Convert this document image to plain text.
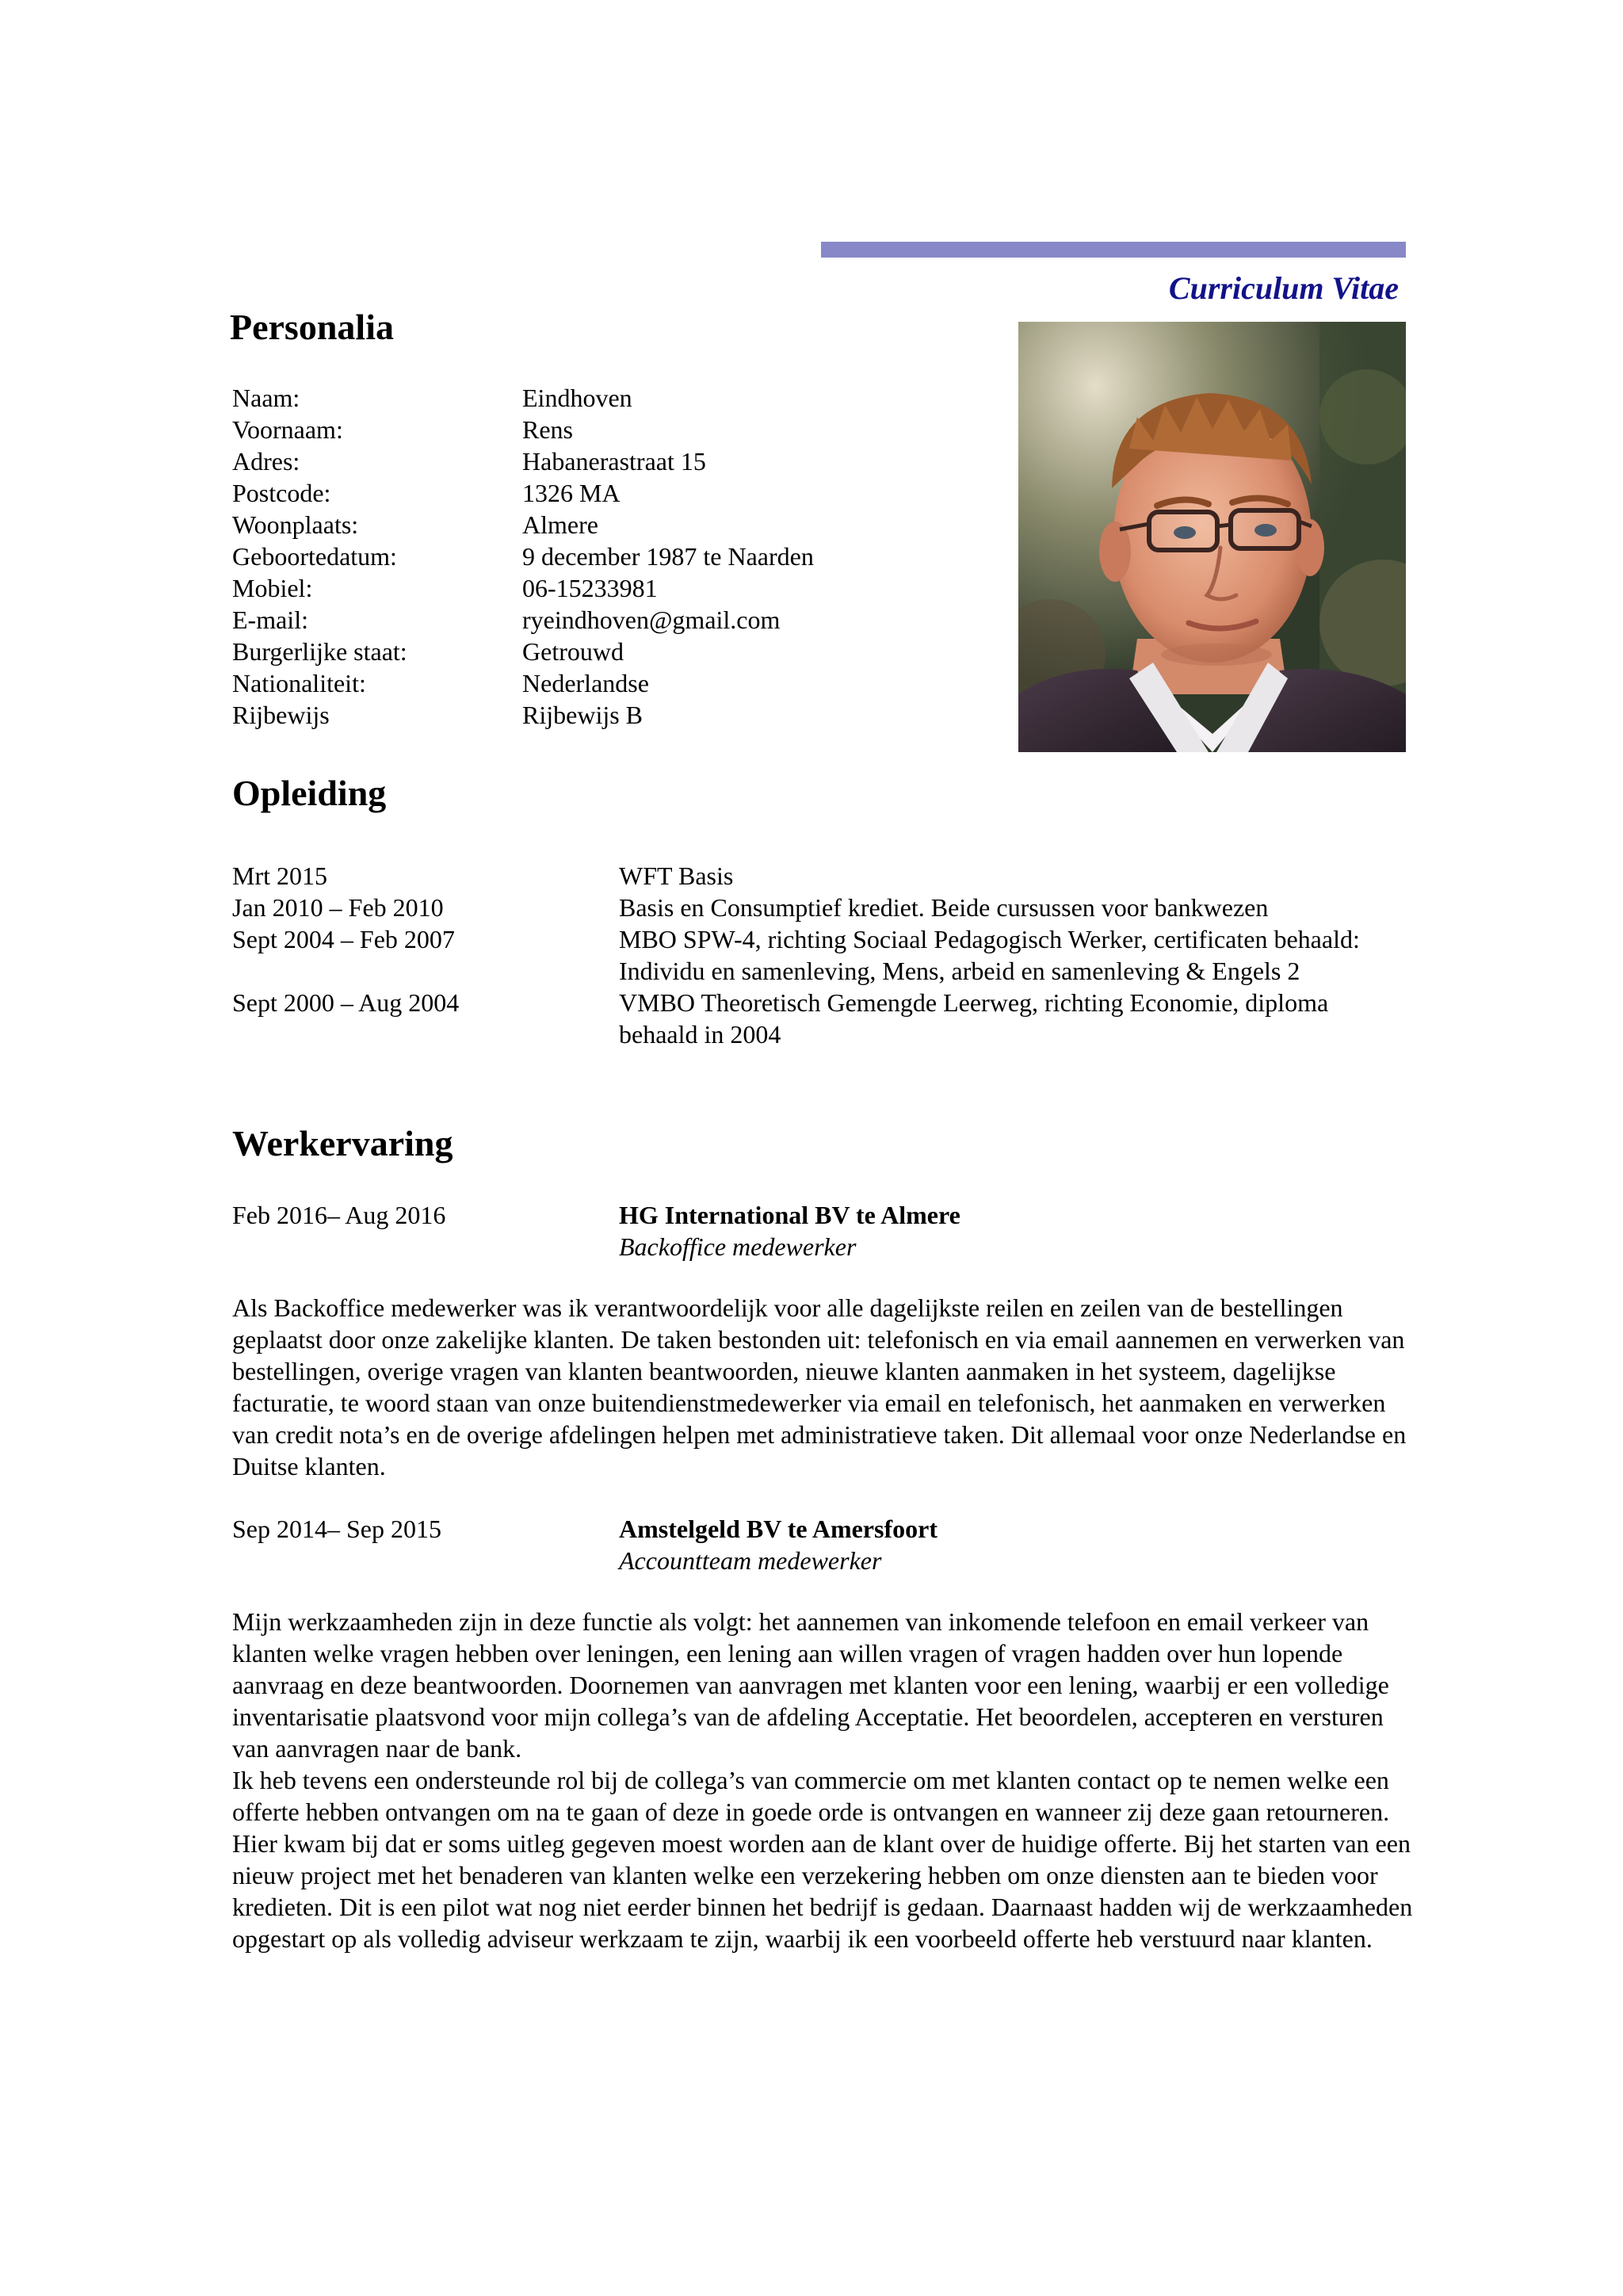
Curriculum Vitae
Personalia
Naam:	Eindhoven
Voornaam:	Rens
Adres:	Habanerastraat 15
Postcode:	1326 MA
Woonplaats:	Almere
Geboortedatum:	9 december 1987 te Naarden
Mobiel:	06-15233981
E-mail:	ryeindhoven@gmail.com
Burgerlijke staat:	Getrouwd
Nationaliteit:	Nederlandse
Rijbewijs	Rijbewijs B
Opleiding
Mrt 2015	WFT Basis
Jan 2010 – Feb 2010	Basis en Consumptief krediet. Beide cursussen voor bankwezen
Sept 2004 – Feb 2007	MBO SPW-4, richting Sociaal Pedagogisch Werker, certificaten behaald: Individu en samenleving, Mens, arbeid en samenleving & Engels 2
Sept 2000 – Aug 2004	VMBO Theoretisch Gemengde Leerweg, richting Economie, diploma behaald in 2004
Werkervaring
Feb 2016– Aug 2016	HG International BV te Almere
Backoffice medewerker

Als Backoffice medewerker was ik verantwoordelijk voor alle dagelijkste reilen en zeilen van de bestellingen geplaatst door onze zakelijke klanten. De taken bestonden uit: telefonisch en via email aannemen en verwerken van bestellingen, overige vragen van klanten beantwoorden, nieuwe klanten aanmaken in het systeem, dagelijkse facturatie, te woord staan van onze buitendienstmedewerker via email en telefonisch, het aanmaken en verwerken van credit nota’s en de overige afdelingen helpen met administratieve taken. Dit allemaal voor onze Nederlandse en Duitse klanten.

Sep 2014– Sep 2015	Amstelgeld BV te Amersfoort
Accountteam medewerker

Mijn werkzaamheden zijn in deze functie als volgt: het aannemen van inkomende telefoon en email verkeer van klanten welke vragen hebben over leningen, een lening aan willen vragen of vragen hadden over hun lopende aanvraag en deze beantwoorden. Doornemen van aanvragen met klanten voor een lening, waarbij er een volledige inventarisatie plaatsvond voor mijn collega’s van de afdeling Acceptatie. Het beoordelen, accepteren en versturen van aanvragen naar de bank.

Ik heb tevens een ondersteunde rol bij de collega’s van commercie om met klanten contact op te nemen welke een offerte hebben ontvangen om na te gaan of deze in goede orde is ontvangen en wanneer zij deze gaan retourneren. Hier kwam bij dat er soms uitleg gegeven moest worden aan de klant over de huidige offerte. Bij het starten van een nieuw project met het benaderen van klanten welke een verzekering hebben om onze diensten aan te bieden voor kredieten. Dit is een pilot wat nog niet eerder binnen het bedrijf is gedaan. Daarnaast hadden wij de werkzaamheden opgestart op als volledig adviseur werkzaam te zijn, waarbij ik een voorbeeld offerte heb verstuurd naar klanten.
